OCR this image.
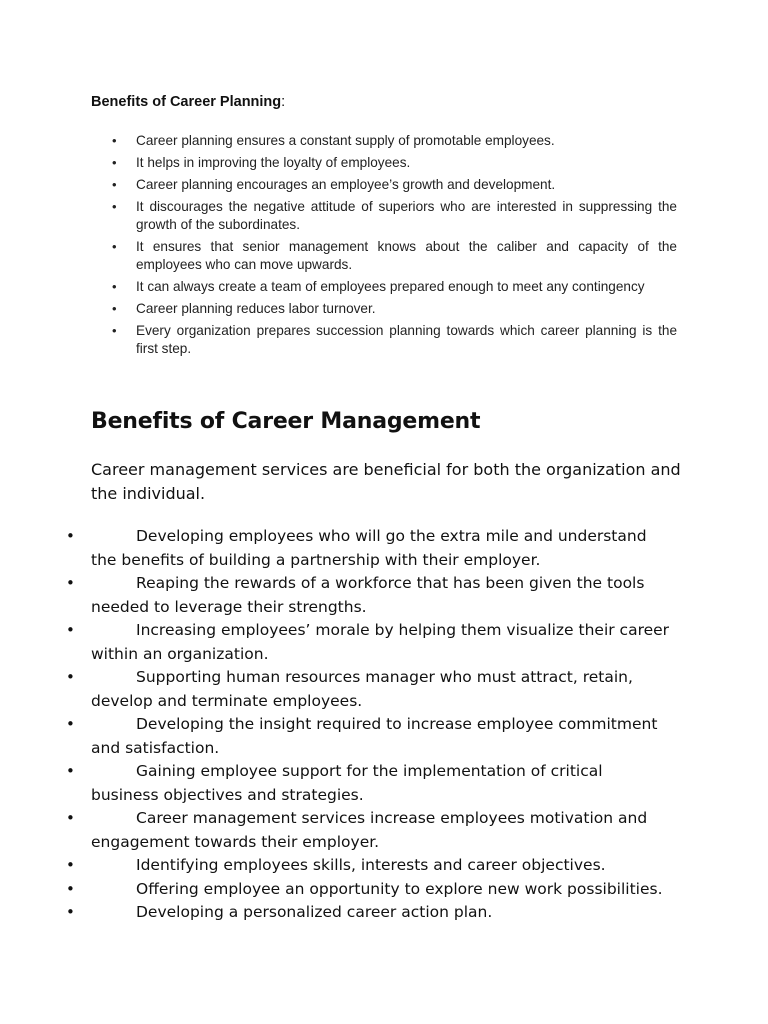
Benefits of Career Planning:
• Career planning ensures a constant supply of promotable employees.
• It helps in improving the loyalty of employees.
• Career planning encourages an employee’s growth and development.
• It discourages the negative attitude of superiors who are interested in suppressing the growth of the subordinates.
• It ensures that senior management knows about the caliber and capacity of the employees who can move upwards.
• It can always create a team of employees prepared enough to meet any contingency
• Career planning reduces labor turnover.
• Every organization prepares succession planning towards which career planning is the first step.
Benefits of Career Management
Career management services are beneficial for both the organization and the individual.
•	Developing employees who will go the extra mile and understand the benefits of building a partnership with their employer.
•	Reaping the rewards of a workforce that has been given the tools needed to leverage their strengths.
•	Increasing employees’ morale by helping them visualize their career within an organization.
•	Supporting human resources manager who must attract, retain, develop and terminate employees.
•	Developing the insight required to increase employee commitment and satisfaction.
•	Gaining employee support for the implementation of critical business objectives and strategies.
•	Career management services increase employees motivation and engagement towards their employer.
•	Identifying employees skills, interests and career objectives.
•	Offering employee an opportunity to explore new work possibilities.
•	Developing a personalized career action plan.
